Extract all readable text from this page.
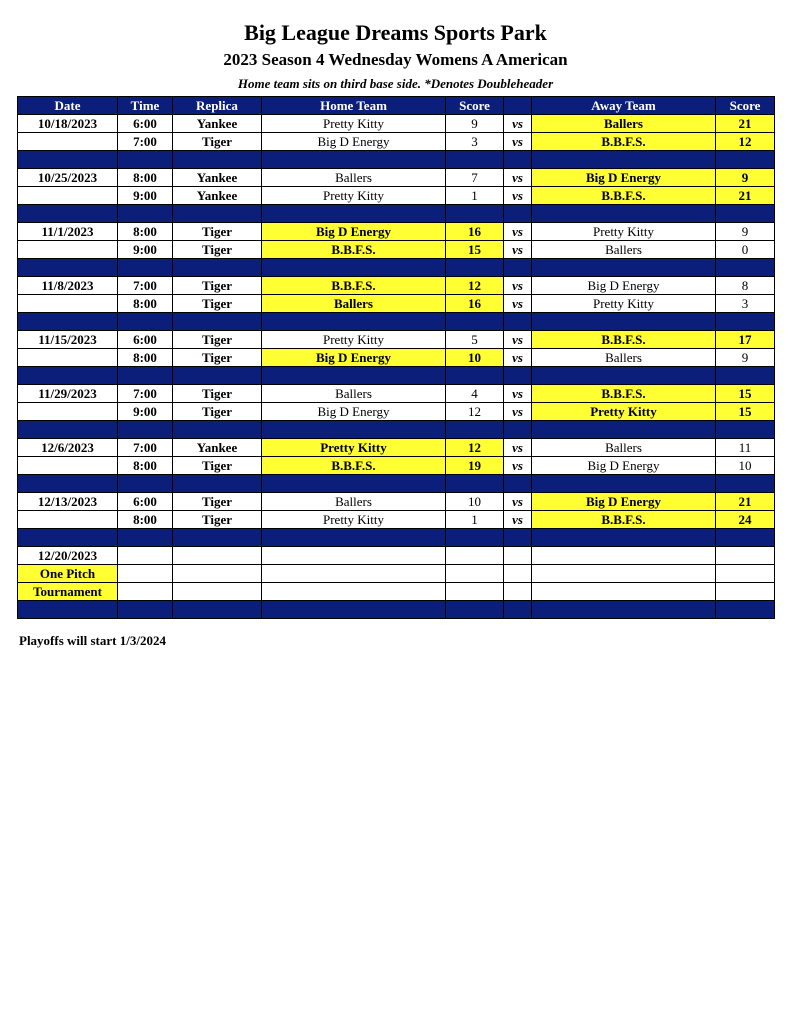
Big League Dreams Sports Park
2023 Season 4 Wednesday Womens A American
Home team sits on third base side. *Denotes Doubleheader
Date	Time	Replica	Home Team	Score		Away Team	Score
10/18/2023	6:00	Yankee	Pretty Kitty	9	vs	Ballers	21
	7:00	Tiger	Big D Energy	3	vs	B.B.F.S.	12

10/25/2023	8:00	Yankee	Ballers	7	vs	Big D Energy	9
	9:00	Yankee	Pretty Kitty	1	vs	B.B.F.S.	21

11/1/2023	8:00	Tiger	Big D Energy	16	vs	Pretty Kitty	9
	9:00	Tiger	B.B.F.S.	15	vs	Ballers	0

11/8/2023	7:00	Tiger	B.B.F.S.	12	vs	Big D Energy	8
	8:00	Tiger	Ballers	16	vs	Pretty Kitty	3

11/15/2023	6:00	Tiger	Pretty Kitty	5	vs	B.B.F.S.	17
	8:00	Tiger	Big D Energy	10	vs	Ballers	9

11/29/2023	7:00	Tiger	Ballers	4	vs	B.B.F.S.	15
	9:00	Tiger	Big D Energy	12	vs	Pretty Kitty	15

12/6/2023	7:00	Yankee	Pretty Kitty	12	vs	Ballers	11
	8:00	Tiger	B.B.F.S.	19	vs	Big D Energy	10

12/13/2023	6:00	Tiger	Ballers	10	vs	Big D Energy	21
	8:00	Tiger	Pretty Kitty	1	vs	B.B.F.S.	24

12/20/2023							
One Pitch							
Tournament							

Playoffs will start 1/3/2024
